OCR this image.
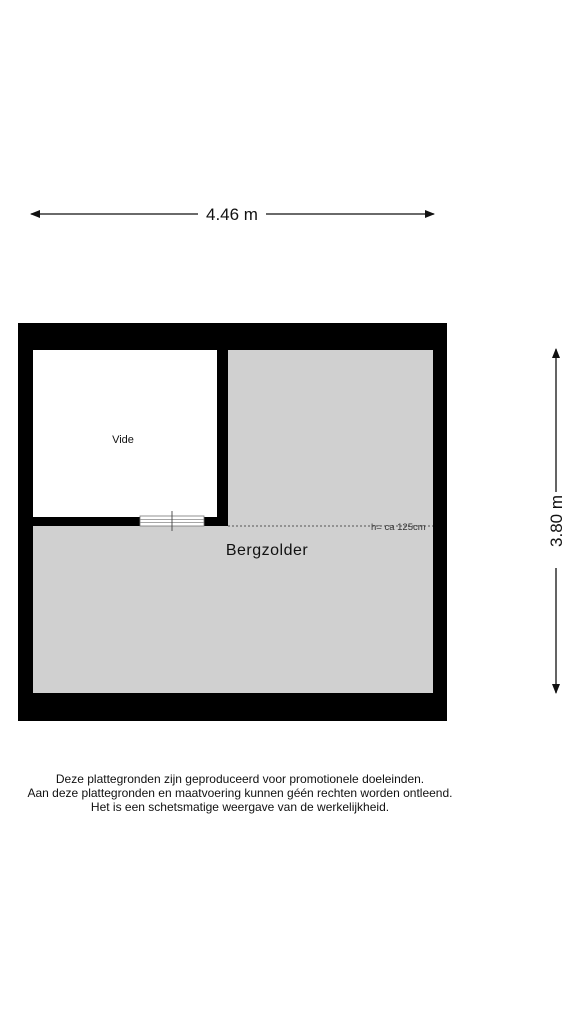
4.46 m
3.80 m
h= ca 125cm
Vide
Bergzolder
Deze plattegronden zijn geproduceerd voor promotionele doeleinden.
Aan deze plattegronden en maatvoering kunnen géén rechten worden ontleend.
Het is een schetsmatige weergave van de werkelijkheid.
